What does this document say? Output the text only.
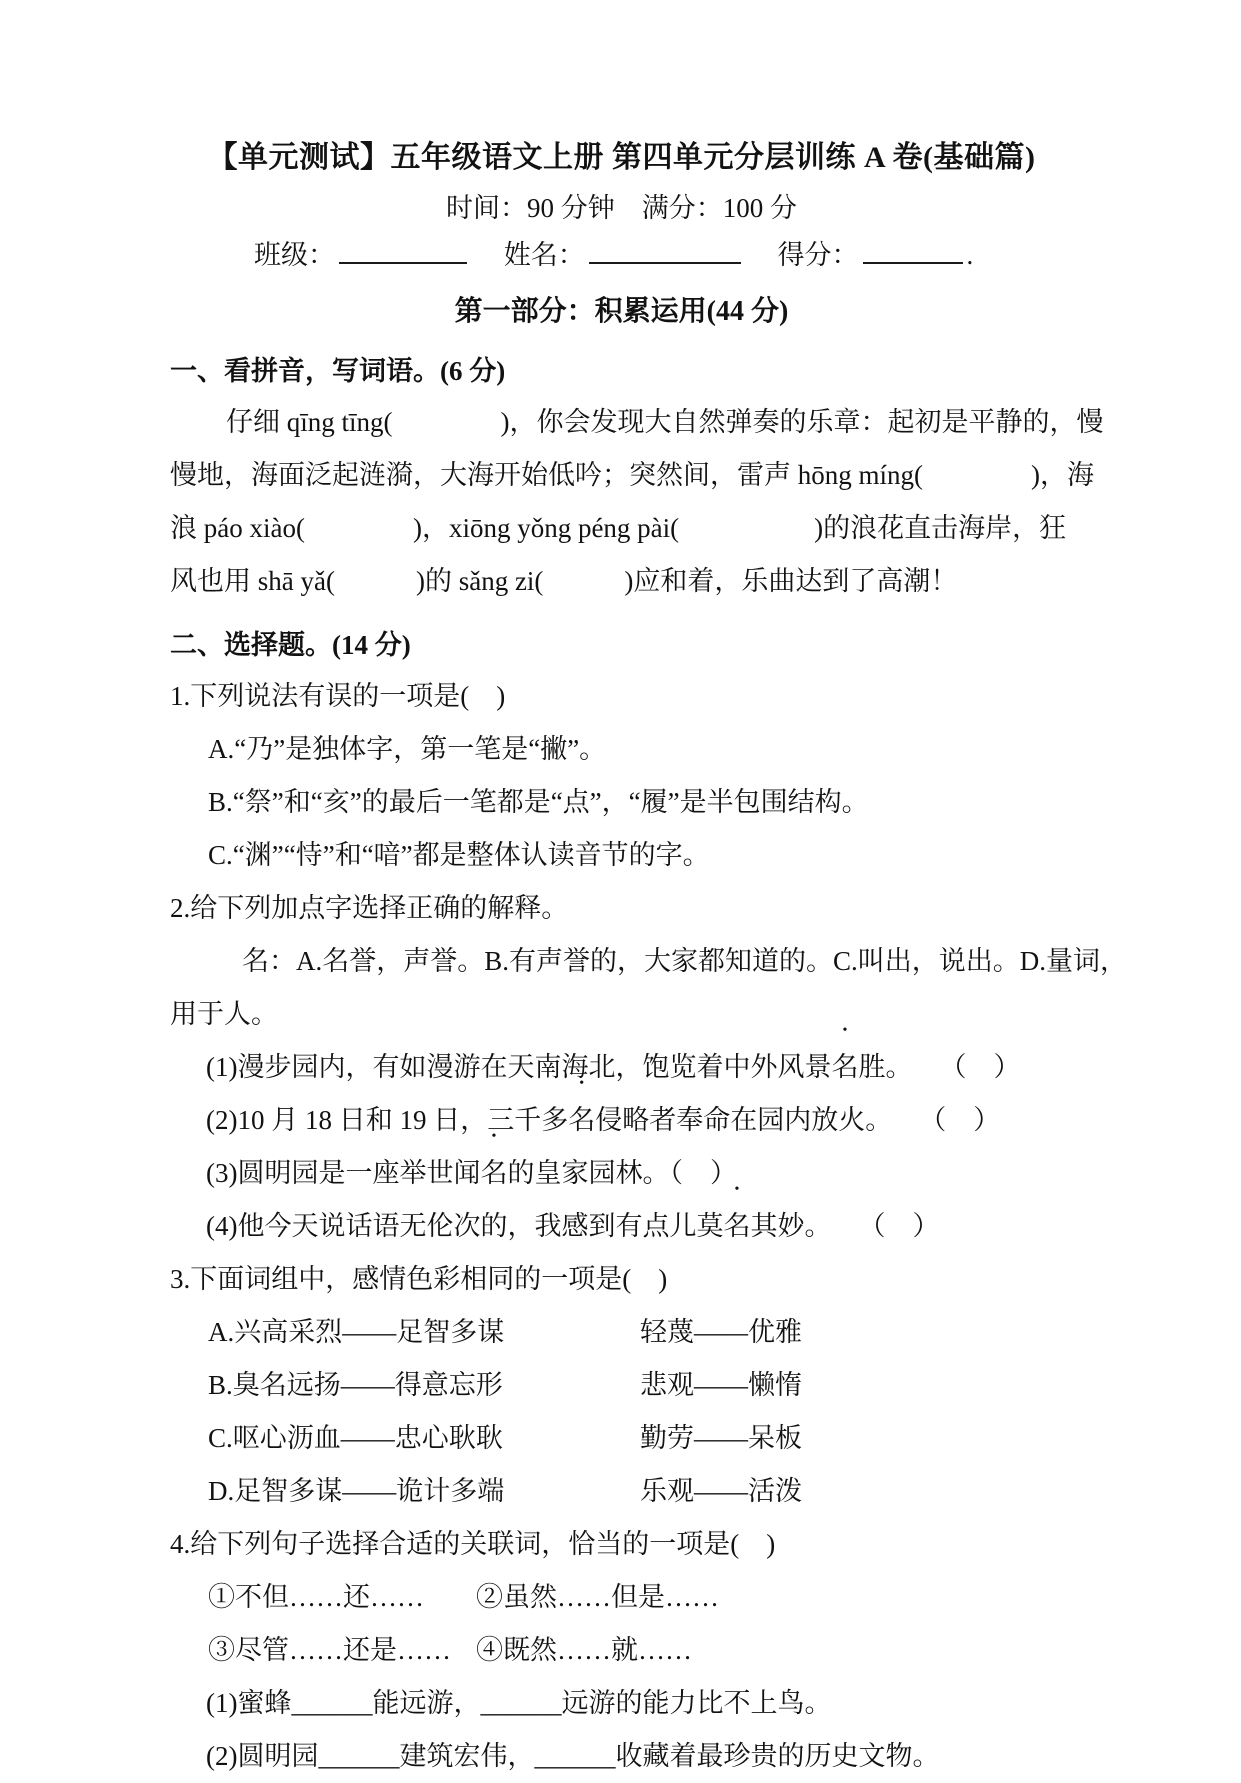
【单元测试】五年级语文上册 第四单元分层训练 A 卷(基础篇)
时间：90 分钟　满分：100 分
班级：	姓名：	得分：	.
第一部分：积累运用(44 分)
一、看拼音，写词语。(6 分)
仔细 qīng tīng(　　　　)，你会发现大自然弹奏的乐章：起初是平静的，慢
慢地，海面泛起涟漪，大海开始低吟；突然间，雷声 hōng míng(　　　　)，海
浪 páo xiào(　　　　)，xiōng yǒng péng pài(　　　　　)的浪花直击海岸，狂
风也用 shā yǎ(　　　)的 sǎng zi(　　　)应和着，乐曲达到了高潮！
二、选择题。(14 分)
1.下列说法有误的一项是(　)
A.“乃”是独体字，第一笔是“撇”。
B.“祭”和“亥”的最后一笔都是“点”，“履”是半包围结构。
C.“渊”“恃”和“喑”都是整体认读音节的字。
2.给下列加点字选择正确的解释。
名：A.名誉，声誉。B.有声誉的，大家都知道的。C.叫出，说出。D.量词，
用于人。
(1)漫步园内，有如漫游在天南海北，饱览着中外风景名胜。　　（　）
(2)10 月 18 日和 19 日，三千多名侵略者奉命在园内放火。　　（　）
(3)圆明园是一座举世闻名的皇家园林。（　）
(4)他今天说话语无伦次的，我感到有点儿莫名其妙。　　（　）
3.下面词组中，感情色彩相同的一项是(　)
A.兴高采烈——足智多谋	轻蔑——优雅
B.臭名远扬——得意忘形	悲观——懒惰
C.呕心沥血——忠心耿耿	勤劳——呆板
D.足智多谋——诡计多端	乐观——活泼
4.给下列句子选择合适的关联词，恰当的一项是(　)
①不但……还……	②虽然……但是……
③尽管……还是…… ④既然……就……
(1)蜜蜂______能远游，______远游的能力比不上鸟。
(2)圆明园______建筑宏伟，______收藏着最珍贵的历史文物。
